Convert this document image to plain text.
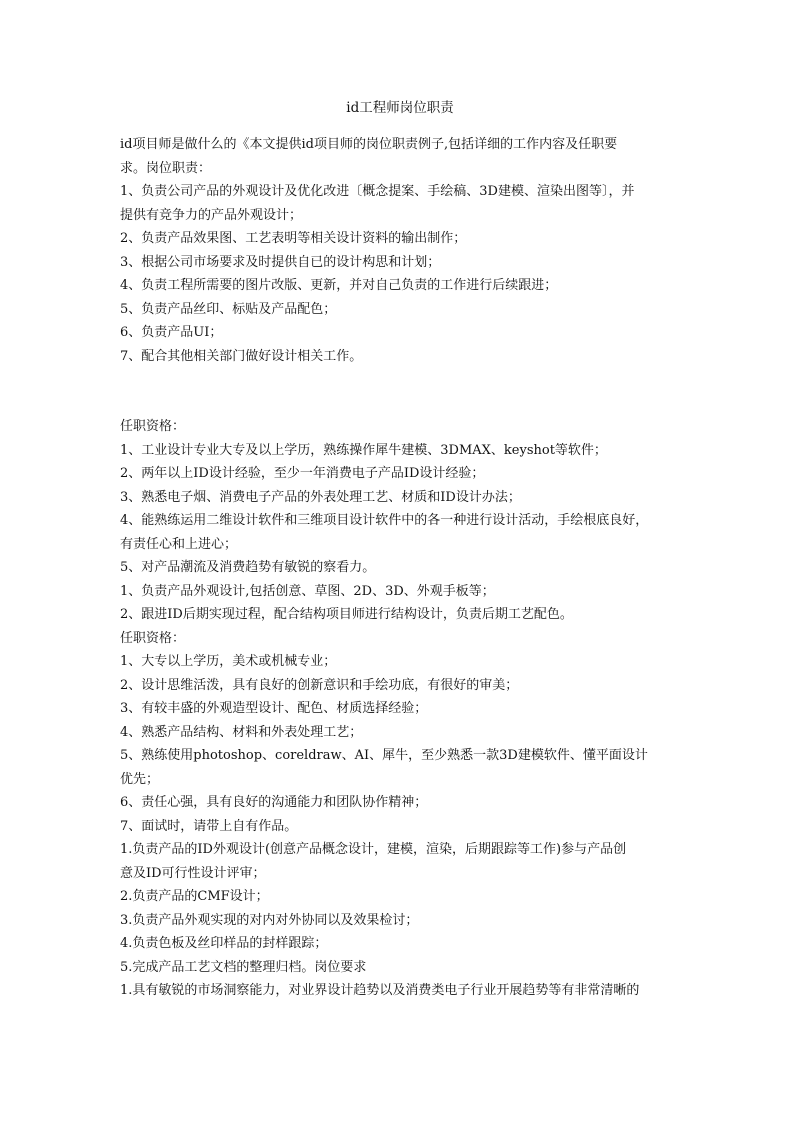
id工程师岗位职责
id项目师是做什么的《本文提供id项目师的岗位职责例子,包括详细的工作内容及任职要
求。岗位职责：
1、负责公司产品的外观设计及优化改进〔概念提案、手绘稿、3D建模、渲染出图等〕，并
提供有竞争力的产品外观设计；
2、负责产品效果图、工艺表明等相关设计资料的输出制作；
3、根据公司市场要求及时提供自已的设计构思和计划；
4、负责工程所需要的图片改版、更新，并对自己负责的工作进行后续跟进；
5、负责产品丝印、标贴及产品配色；
6、负责产品UI；
7、配合其他相关部门做好设计相关工作。
任职资格：
1、工业设计专业大专及以上学历，熟练操作犀牛建模、3DMAX、keyshot等软件；
2、两年以上ID设计经验，至少一年消费电子产品ID设计经验；
3、熟悉电子烟、消费电子产品的外表处理工艺、材质和ID设计办法；
4、能熟练运用二维设计软件和三维项目设计软件中的各一种进行设计活动，手绘根底良好，
有责任心和上进心；
5、对产品潮流及消费趋势有敏锐的察看力。
1、负责产品外观设计,包括创意、草图、2D、3D、外观手板等；
2、跟进ID后期实现过程，配合结构项目师进行结构设计，负责后期工艺配色。
任职资格：
1、大专以上学历，美术或机械专业；
2、设计思维活泼，具有良好的创新意识和手绘功底，有很好的审美；
3、有较丰盛的外观造型设计、配色、材质选择经验；
4、熟悉产品结构、材料和外表处理工艺；
5、熟练使用photoshop、coreldraw、AI、犀牛，至少熟悉一款3D建模软件、懂平面设计
优先；
6、责任心强，具有良好的沟通能力和团队协作精神；
7、面试时，请带上自有作品。
1.负责产品的ID外观设计(创意产品概念设计，建模，渲染，后期跟踪等工作)参与产品创
意及ID可行性设计评审；
2.负责产品的CMF设计；
3.负责产品外观实现的对内对外协同以及效果检讨；
4.负责色板及丝印样品的封样跟踪；
5.完成产品工艺文档的整理归档。岗位要求
1.具有敏锐的市场洞察能力，对业界设计趋势以及消费类电子行业开展趋势等有非常清晰的
